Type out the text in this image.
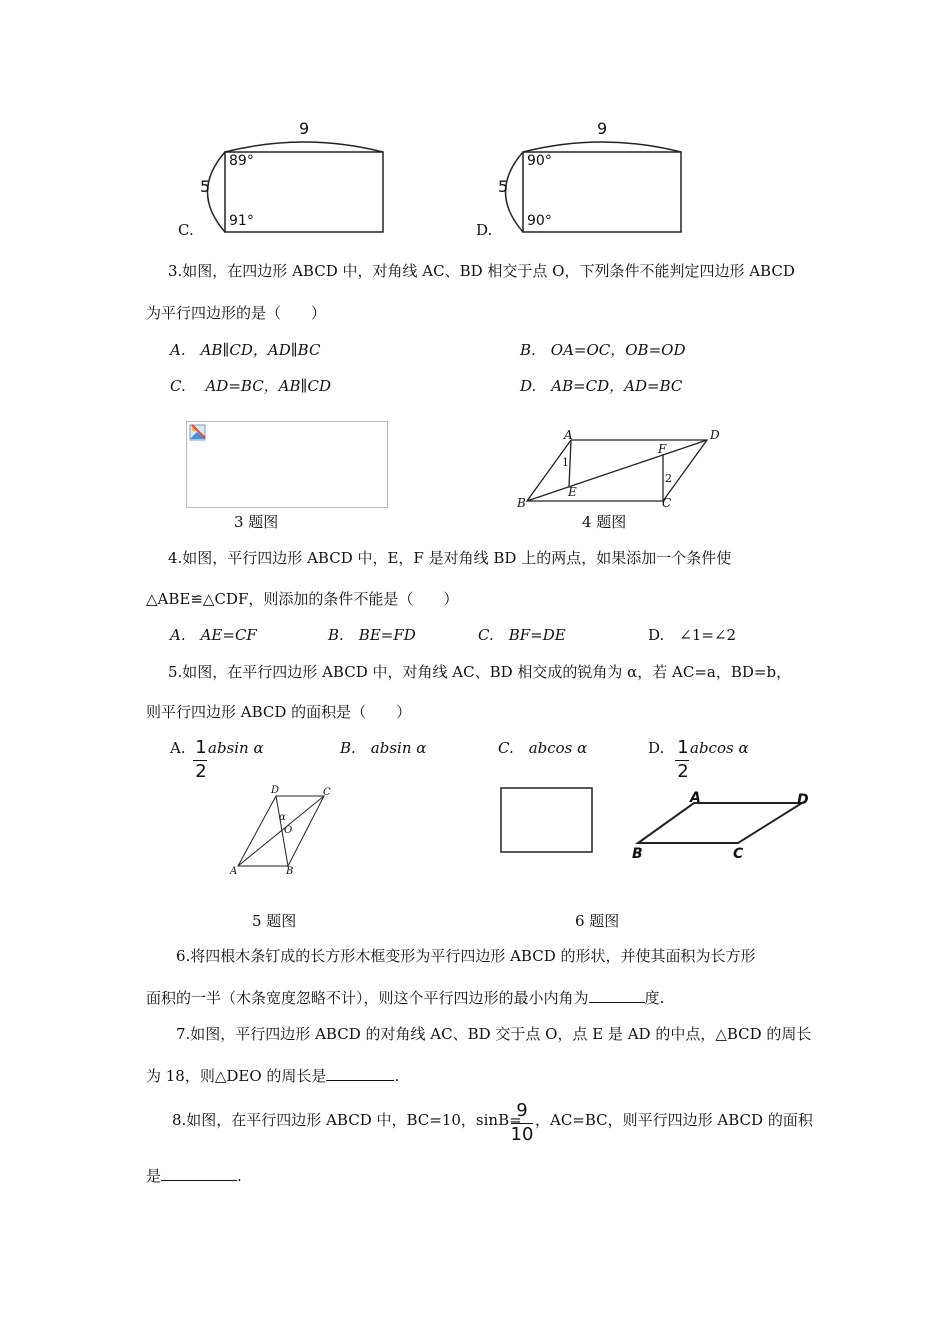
C.
9
5
89°
91°	D.
9
5
90°
90°
3.如图，在四边形 ABCD 中，对角线 AC、BD 相交于点 O，下列条件不能判定四边形 ABCD
为平行四边形的是（　　）
A.　AB∥CD，AD∥BC	B.　OA=OC，OB=OD
C.　 AD=BC，AB∥CD	D.　AB=CD，AD=BC
3 题图
A	D
B	C
E
F
1
2
4 题图
4.如图，平行四边形 ABCD 中，E，F 是对角线 BD 上的两点，如果添加一个条件使
△ABE≌△CDF，则添加的条件不能是（　　）
A.　AE=CF	B.　BE=FD	C.　BF=DE	D.　∠1=∠2
5.如图，在平行四边形 ABCD 中，对角线 AC、BD 相交成的锐角为 α，若 AC=a，BD=b，
则平行四边形 ABCD 的面积是（　　）
A. 1
2
absin α	B.　absin α	C.　abcos α	D. 1
2
abcos α
D	C
A	B
O
α
5 题图
A	D
B	C
6 题图
6.将四根木条钉成的长方形木框变形为平行四边形 ABCD 的形状，并使其面积为长方形
面积的一半（木条宽度忽略不计），则这个平行四边形的最小内角为	度.
7.如图，平行四边形 ABCD 的对角线 AC、BD 交于点 O，点 E 是 AD 的中点，△BCD 的周长
为 18，则△DEO 的周长是	.
8.如图，在平行四边形 ABCD 中，BC=10，sinB=
9
10
，AC=BC，则平行四边形 ABCD 的面积
是	.
